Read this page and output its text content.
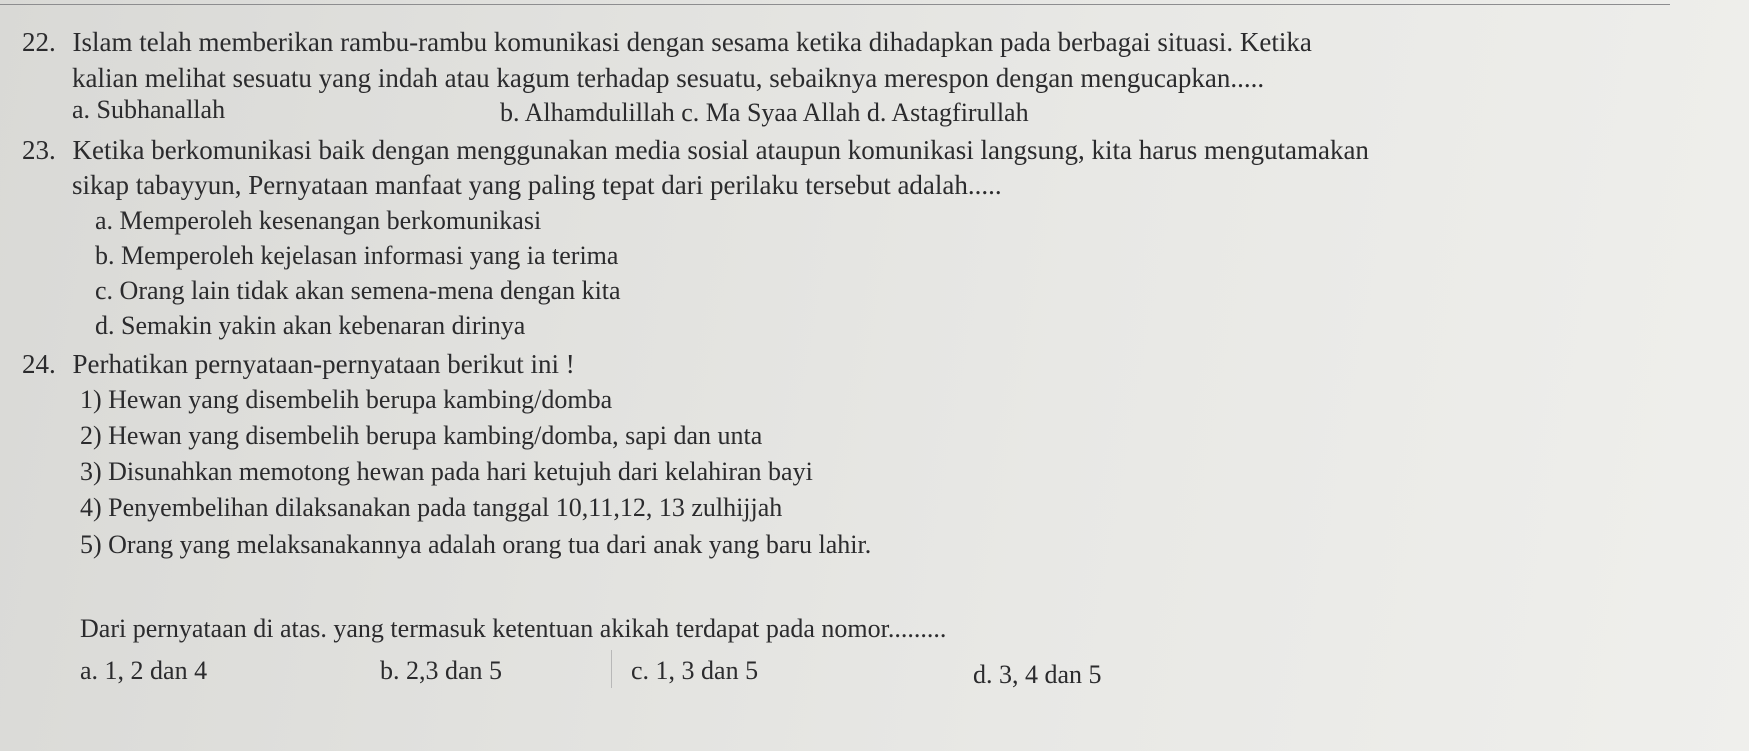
22. Islam telah memberikan rambu-rambu komunikasi dengan sesama ketika dihadapkan pada berbagai situasi. Ketika
kalian melihat sesuatu yang indah atau kagum terhadap sesuatu, sebaiknya merespon dengan mengucapkan.....
a. Subhanallah	b. Alhamdulillah c. Ma Syaa Allah d. Astagfirullah
23. Ketika berkomunikasi baik dengan menggunakan media sosial ataupun komunikasi langsung, kita harus mengutamakan
sikap tabayyun, Pernyataan manfaat yang paling tepat dari perilaku tersebut adalah.....
a. Memperoleh kesenangan berkomunikasi
b. Memperoleh kejelasan informasi yang ia terima
c. Orang lain tidak akan semena-mena dengan kita
d. Semakin yakin akan kebenaran dirinya
24. Perhatikan pernyataan-pernyataan berikut ini !
1) Hewan yang disembelih berupa kambing/domba
2) Hewan yang disembelih berupa kambing/domba, sapi dan unta
3) Disunahkan memotong hewan pada hari ketujuh dari kelahiran bayi
4) Penyembelihan dilaksanakan pada tanggal 10,11,12, 13 zulhijjah
5) Orang yang melaksanakannya adalah orang tua dari anak yang baru lahir.
Dari pernyataan di atas. yang termasuk ketentuan akikah terdapat pada nomor.........
a. 1, 2 dan 4	b. 2,3 dan 5	c. 1, 3 dan 5	d. 3, 4 dan 5
